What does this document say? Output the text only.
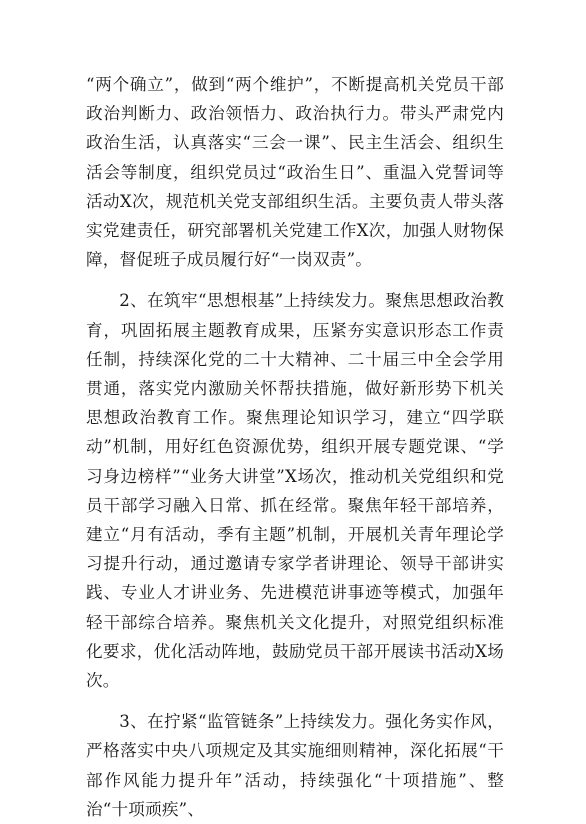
“两个确立”，做到“两个维护”，不断提高机关党员干部政治判断力、政治领悟力、政治执行力。带头严肃党内政治生活，认真落实“三会一课”、民主生活会、组织生活会等制度，组织党员过“政治生日”、重温入党誓词等活动X次，规范机关党支部组织生活。主要负责人带头落实党建责任，研究部署机关党建工作X次，加强人财物保障，督促班子成员履行好“一岗双责”。

2、在筑牢“思想根基”上持续发力。聚焦思想政治教育，巩固拓展主题教育成果，压紧夯实意识形态工作责任制，持续深化党的二十大精神、二十届三中全会学用贯通，落实党内激励关怀帮扶措施，做好新形势下机关思想政治教育工作。聚焦理论知识学习，建立“四学联动”机制，用好红色资源优势，组织开展专题党课、“学习身边榜样”“业务大讲堂”X场次，推动机关党组织和党员干部学习融入日常、抓在经常。聚焦年轻干部培养，建立“月有活动，季有主题”机制，开展机关青年理论学习提升行动，通过邀请专家学者讲理论、领导干部讲实践、专业人才讲业务、先进模范讲事迹等模式，加强年轻干部综合培养。聚焦机关文化提升，对照党组织标准化要求，优化活动阵地，鼓励党员干部开展读书活动X场次。

3、在拧紧“监管链条”上持续发力。强化务实作风，严格落实中央八项规定及其实施细则精神，深化拓展“干部作风能力提升年”活动，持续强化“十项措施”、整治“十项顽疾”、
